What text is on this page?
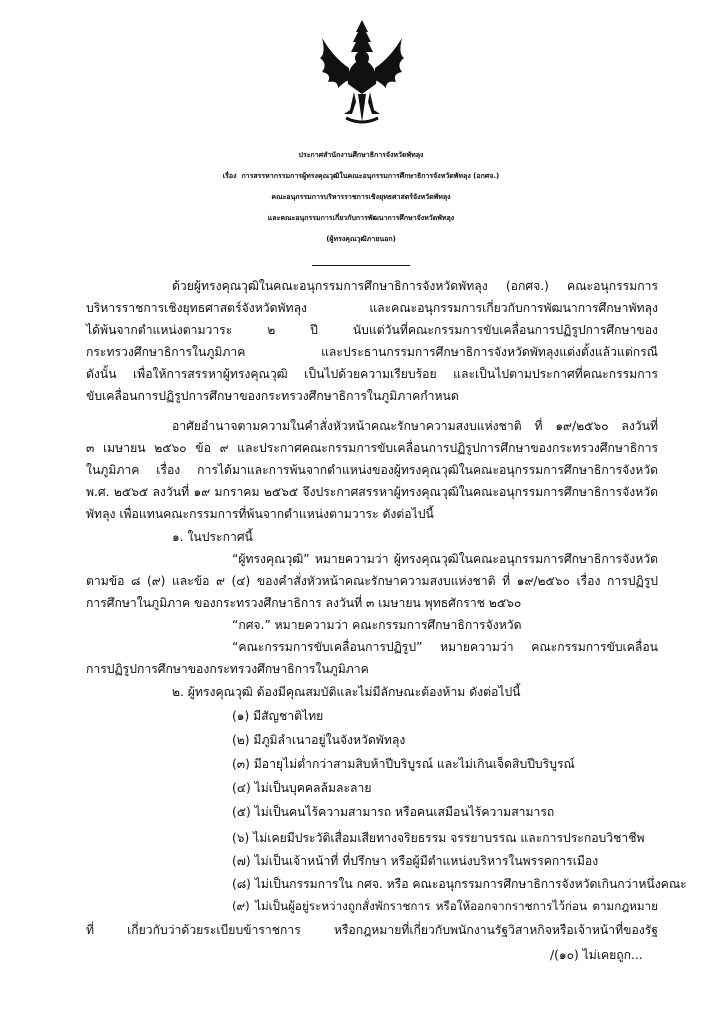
ประกาศสำนักงานศึกษาธิการจังหวัดพัทลุง
เรื่อง การสรรหากรรมการผู้ทรงคุณวุฒิในคณะอนุกรรมการศึกษาธิการจังหวัดพัทลุง (อกศจ.)
คณะอนุกรรมการบริหารราชการเชิงยุทธศาสตร์จังหวัดพัทลุง
และคณะอนุกรรมการเกี่ยวกับการพัฒนาการศึกษาจังหวัดพัทลุง
(ผู้ทรงคุณวุฒิภายนอก)
ด้วยผู้ทรงคุณวุฒิในคณะอนุกรรมการศึกษาธิการจังหวัดพัทลุง (อกศจ.) คณะอนุกรรมการ
บริหารราชการเชิงยุทธศาสตร์จังหวัดพัทลุง และคณะอนุกรรมการเกี่ยวกับการพัฒนาการศึกษาพัทลุง
ได้พ้นจากตำแหน่งตามวาระ ๒ ปี นับแต่วันที่คณะกรรมการขับเคลื่อนการปฏิรูปการศึกษาของ
กระทรวงศึกษาธิการในภูมิภาค และประธานกรรมการศึกษาธิการจังหวัดพัทลุงแต่งตั้งแล้วแต่กรณี
ดังนั้น เพื่อให้การสรรหาผู้ทรงคุณวุฒิ เป็นไปด้วยความเรียบร้อย และเป็นไปตามประกาศที่คณะกรรมการ
ขับเคลื่อนการปฏิรูปการศึกษาของกระทรวงศึกษาธิการในภูมิภาคกำหนด
อาศัยอำนาจตามความในคำสั่งหัวหน้าคณะรักษาความสงบแห่งชาติ ที่ ๑๙/๒๕๖๐ ลงวันที่
๓ เมษายน ๒๕๖๐ ข้อ ๙ และประกาศคณะกรรมการขับเคลื่อนการปฏิรูปการศึกษาของกระทรวงศึกษาธิการ
ในภูมิภาค เรื่อง การได้มาและการพ้นจากตำแหน่งของผู้ทรงคุณวุฒิในคณะอนุกรรมการศึกษาธิการจังหวัด
พ.ศ. ๒๕๖๕ ลงวันที่ ๑๙ มกราคม ๒๕๖๕ จึงประกาศสรรหาผู้ทรงคุณวุฒิในคณะอนุกรรมการศึกษาธิการจังหวัด
พัทลุง เพื่อแทนคณะกรรมการที่พ้นจากตำแหน่งตามวาระ ดังต่อไปนี้
๑. ในประกาศนี้
“ผู้ทรงคุณวุฒิ” หมายความว่า ผู้ทรงคุณวุฒิในคณะอนุกรรมการศึกษาธิการจังหวัด
ตามข้อ ๘ (๙) และข้อ ๙ (๔) ของคำสั่งหัวหน้าคณะรักษาความสงบแห่งชาติ ที่ ๑๙/๒๕๖๐ เรื่อง การปฏิรูป
การศึกษาในภูมิภาค ของกระทรวงศึกษาธิการ ลงวันที่ ๓ เมษายน พุทธศักราช ๒๕๖๐
“กศจ.” หมายความว่า คณะกรรมการศึกษาธิการจังหวัด
“คณะกรรมการขับเคลื่อนการปฏิรูป” หมายความว่า คณะกรรมการขับเคลื่อน
การปฏิรูปการศึกษาของกระทรวงศึกษาธิการในภูมิภาค
๒. ผู้ทรงคุณวุฒิ ต้องมีคุณสมบัติและไม่มีลักษณะต้องห้าม ดังต่อไปนี้
(๑) มีสัญชาติไทย
(๒) มีภูมิลำเนาอยู่ในจังหวัดพัทลุง
(๓) มีอายุไม่ต่ำกว่าสามสิบห้าปีบริบูรณ์ และไม่เกินเจ็ดสิบปีบริบูรณ์
(๔) ไม่เป็นบุคคลล้มละลาย
(๕) ไม่เป็นคนไร้ความสามารถ หรือคนเสมือนไร้ความสามารถ
(๖) ไม่เคยมีประวัติเสื่อมเสียทางจริยธรรม จรรยาบรรณ และการประกอบวิชาชีพ
(๗) ไม่เป็นเจ้าหน้าที่ ที่ปรึกษา หรือผู้มีตำแหน่งบริหารในพรรคการเมือง
(๘) ไม่เป็นกรรมการใน กศจ. หรือ คณะอนุกรรมการศึกษาธิการจังหวัดเกินกว่าหนึ่งคณะ
(๙) ไม่เป็นผู้อยู่ระหว่างถูกสั่งพักราชการ หรือให้ออกจากราชการไว้ก่อน ตามกฎหมาย
ที่ เกี่ยวกับว่าด้วยระเบียบข้าราชการ หรือกฎหมายที่เกี่ยวกับพนักงานรัฐวิสาหกิจหรือเจ้าหน้าที่ของรัฐ
/(๑๐) ไม่เคยถูก...
